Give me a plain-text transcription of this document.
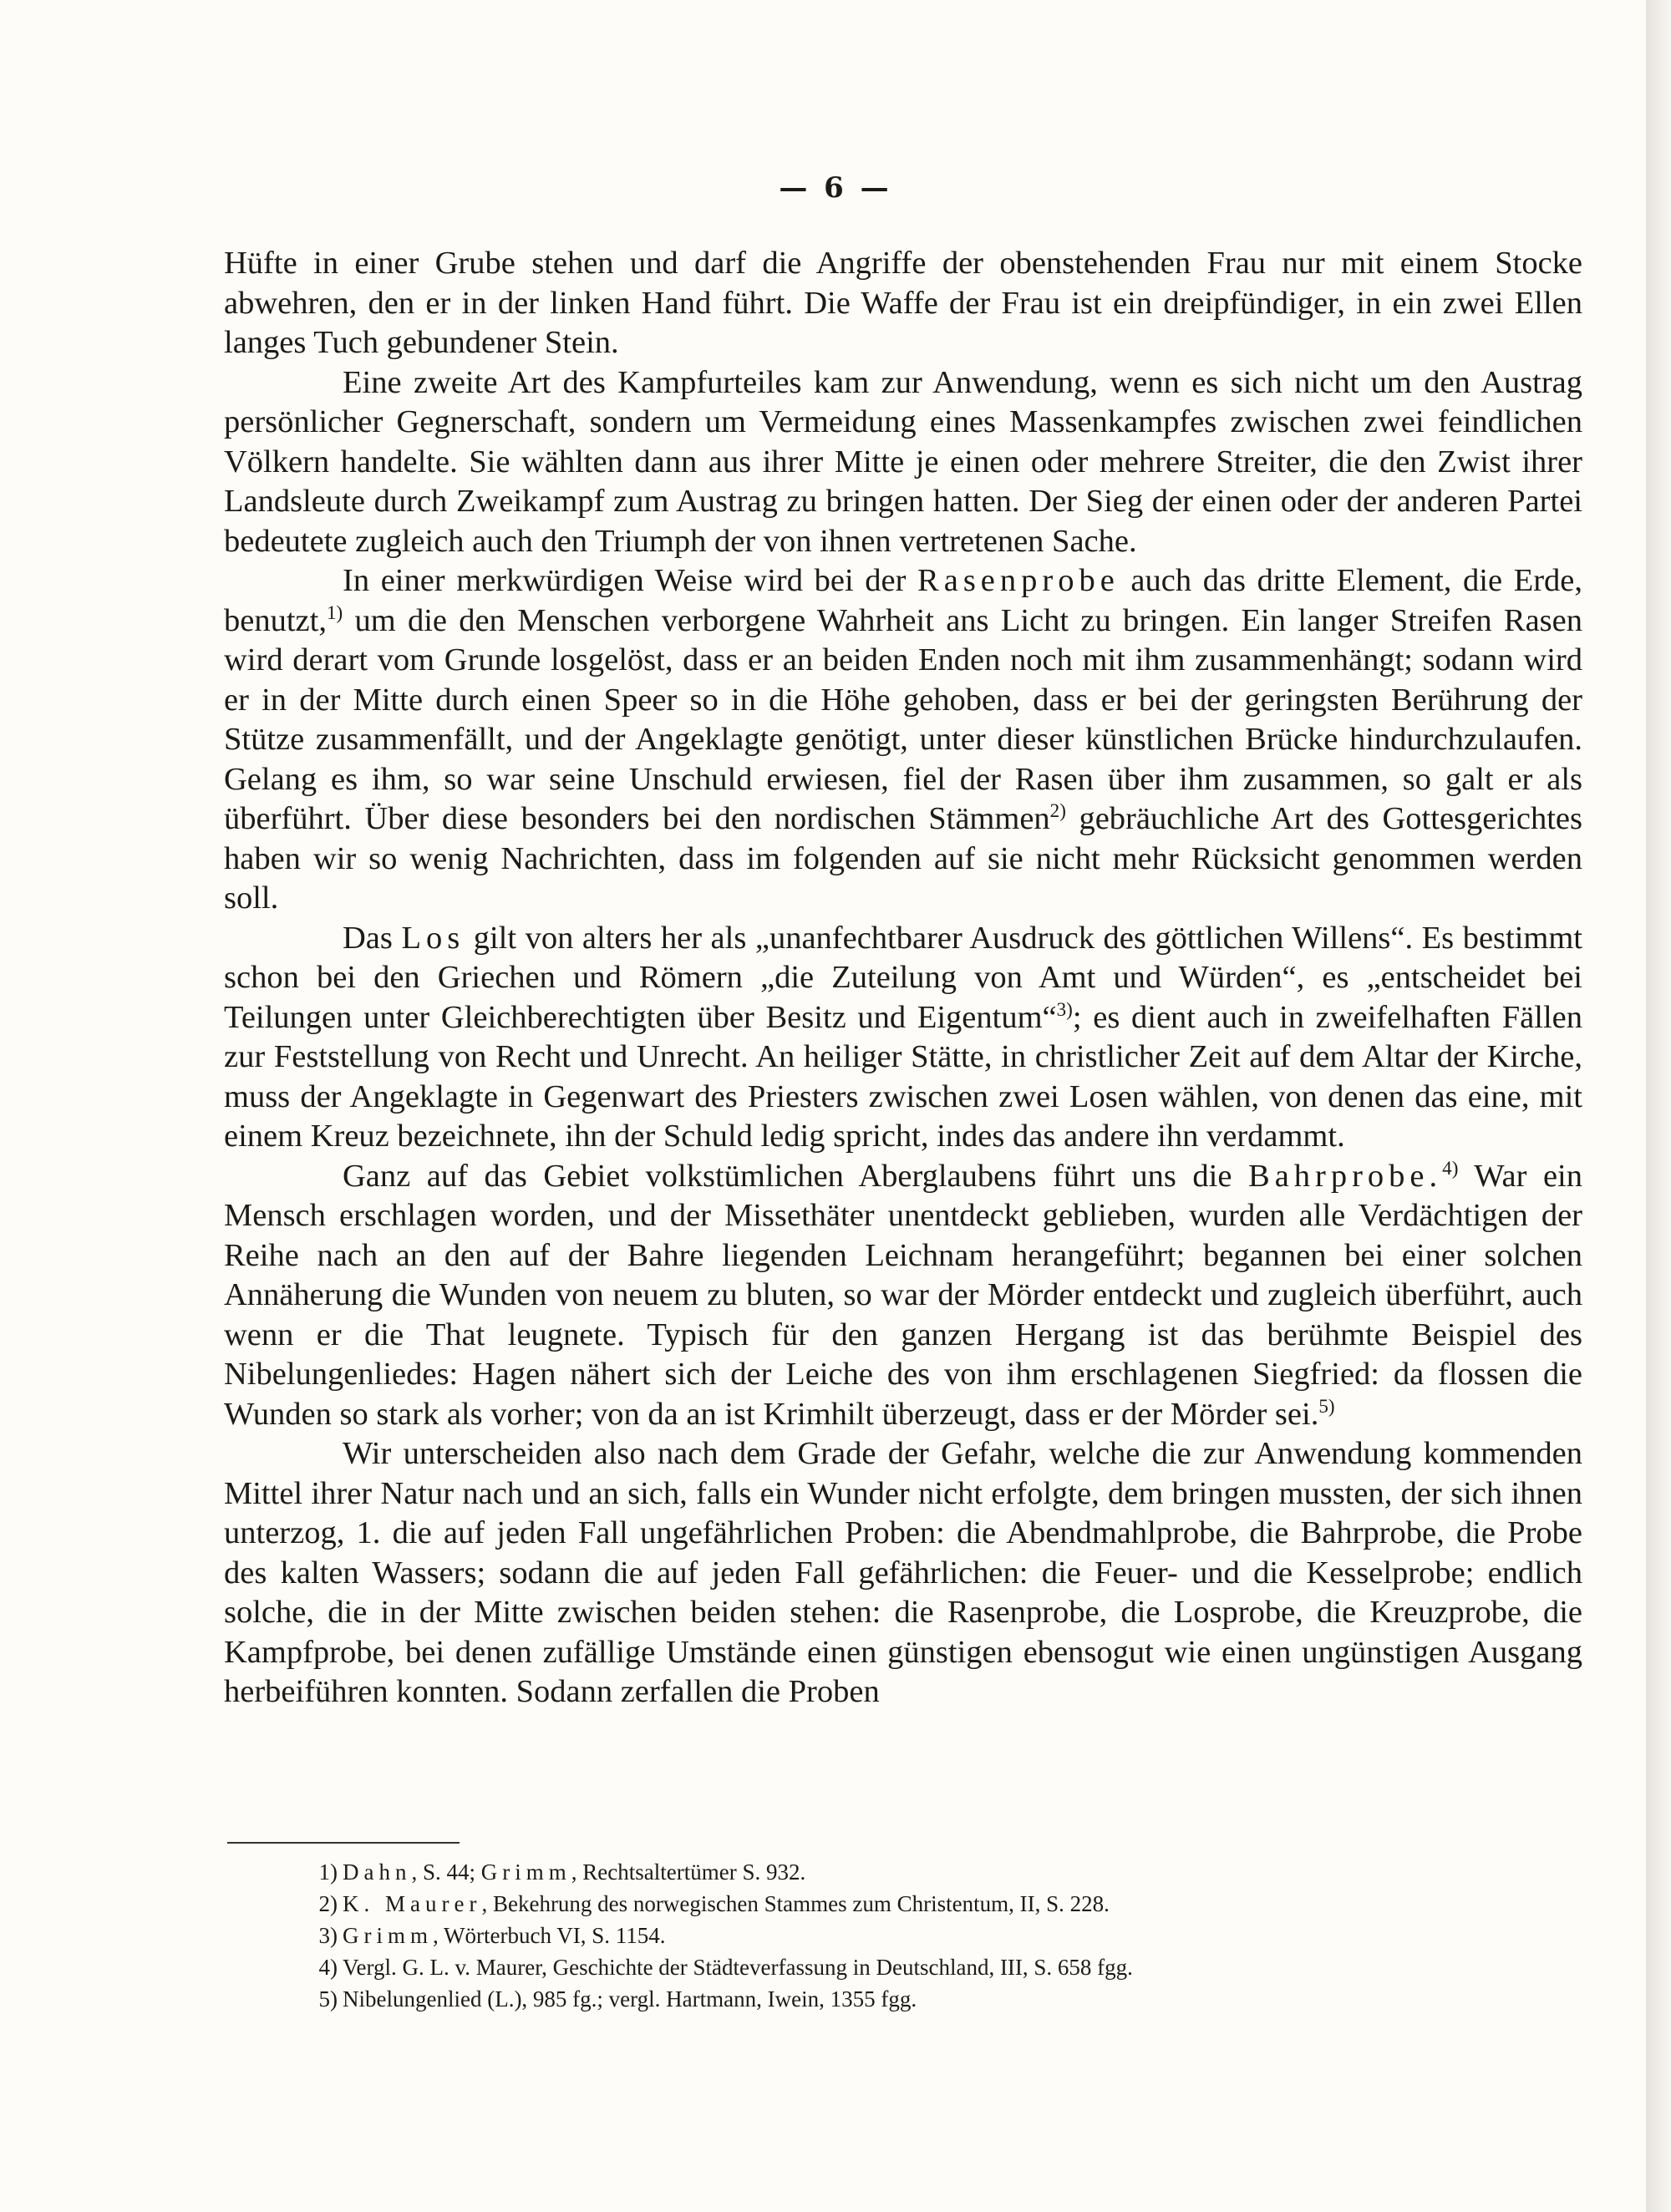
— 6 —

Hüfte in einer Grube stehen und darf die Angriffe der obenstehenden Frau nur mit einem Stocke abwehren, den er in der linken Hand führt. Die Waffe der Frau ist ein dreipfündiger, in ein zwei Ellen langes Tuch gebundener Stein.

Eine zweite Art des Kampfurteiles kam zur Anwendung, wenn es sich nicht um den Austrag persönlicher Gegnerschaft, sondern um Vermeidung eines Massenkampfes zwischen zwei feindlichen Völkern handelte. Sie wählten dann aus ihrer Mitte je einen oder mehrere Streiter, die den Zwist ihrer Landsleute durch Zweikampf zum Austrag zu bringen hatten. Der Sieg der einen oder der anderen Partei bedeutete zugleich auch den Triumph der von ihnen vertretenen Sache.

In einer merkwürdigen Weise wird bei der Rasenprobe auch das dritte Element, die Erde, benutzt,$^{1)}$ um die den Menschen verborgene Wahrheit ans Licht zu bringen. Ein langer Streifen Rasen wird derart vom Grunde losgelöst, dass er an beiden Enden noch mit ihm zusammenhängt; sodann wird er in der Mitte durch einen Speer so in die Höhe gehoben, dass er bei der geringsten Berührung der Stütze zusammenfällt, und der Angeklagte genötigt, unter dieser künstlichen Brücke hindurchzulaufen. Gelang es ihm, so war seine Unschuld erwiesen, fiel der Rasen über ihm zusammen, so galt er als überführt. Über diese besonders bei den nordischen Stämmen$^{2)}$ gebräuchliche Art des Gottesgerichtes haben wir so wenig Nachrichten, dass im folgenden auf sie nicht mehr Rücksicht genommen werden soll.

Das Los gilt von alters her als „unanfechtbarer Ausdruck des göttlichen Willens“. Es bestimmt schon bei den Griechen und Römern „die Zuteilung von Amt und Würden“, es „entscheidet bei Teilungen unter Gleichberechtigten über Besitz und Eigentum“$^{3)}$; es dient auch in zweifelhaften Fällen zur Feststellung von Recht und Unrecht. An heiliger Stätte, in christlicher Zeit auf dem Altar der Kirche, muss der Angeklagte in Gegenwart des Priesters zwischen zwei Losen wählen, von denen das eine, mit einem Kreuz bezeichnete, ihn der Schuld ledig spricht, indes das andere ihn verdammt.

Ganz auf das Gebiet volkstümlichen Aberglaubens führt uns die Bahrprobe.$^{4)}$ War ein Mensch erschlagen worden, und der Missethäter unentdeckt geblieben, wurden alle Verdächtigen der Reihe nach an den auf der Bahre liegenden Leichnam herangeführt; begannen bei einer solchen Annäherung die Wunden von neuem zu bluten, so war der Mörder entdeckt und zugleich überführt, auch wenn er die That leugnete. Typisch für den ganzen Hergang ist das berühmte Beispiel des Nibelungenliedes: Hagen nähert sich der Leiche des von ihm erschlagenen Siegfried: da flossen die Wunden so stark als vorher; von da an ist Krimhilt überzeugt, dass er der Mörder sei.$^{5)}$

Wir unterscheiden also nach dem Grade der Gefahr, welche die zur Anwendung kommenden Mittel ihrer Natur nach und an sich, falls ein Wunder nicht erfolgte, dem bringen mussten, der sich ihnen unterzog, 1. die auf jeden Fall ungefährlichen Proben: die Abendmahlprobe, die Bahrprobe, die Probe des kalten Wassers; sodann die auf jeden Fall gefährlichen: die Feuer- und die Kesselprobe; endlich solche, die in der Mitte zwischen beiden stehen: die Rasenprobe, die Losprobe, die Kreuzprobe, die Kampfprobe, bei denen zufällige Umstände einen günstigen ebensogut wie einen ungünstigen Ausgang herbeiführen konnten. Sodann zerfallen die Proben

1) Dahn, S. 44; Grimm, Rechtsaltertümer S. 932.
2) K. Maurer, Bekehrung des norwegischen Stammes zum Christentum, II, S. 228.
3) Grimm, Wörterbuch VI, S. 1154.
4) Vergl. G. L. v. Maurer, Geschichte der Städteverfassung in Deutschland, III, S. 658 fgg.
5) Nibelungenlied (L.), 985 fg.; vergl. Hartmann, Iwein, 1355 fgg.
